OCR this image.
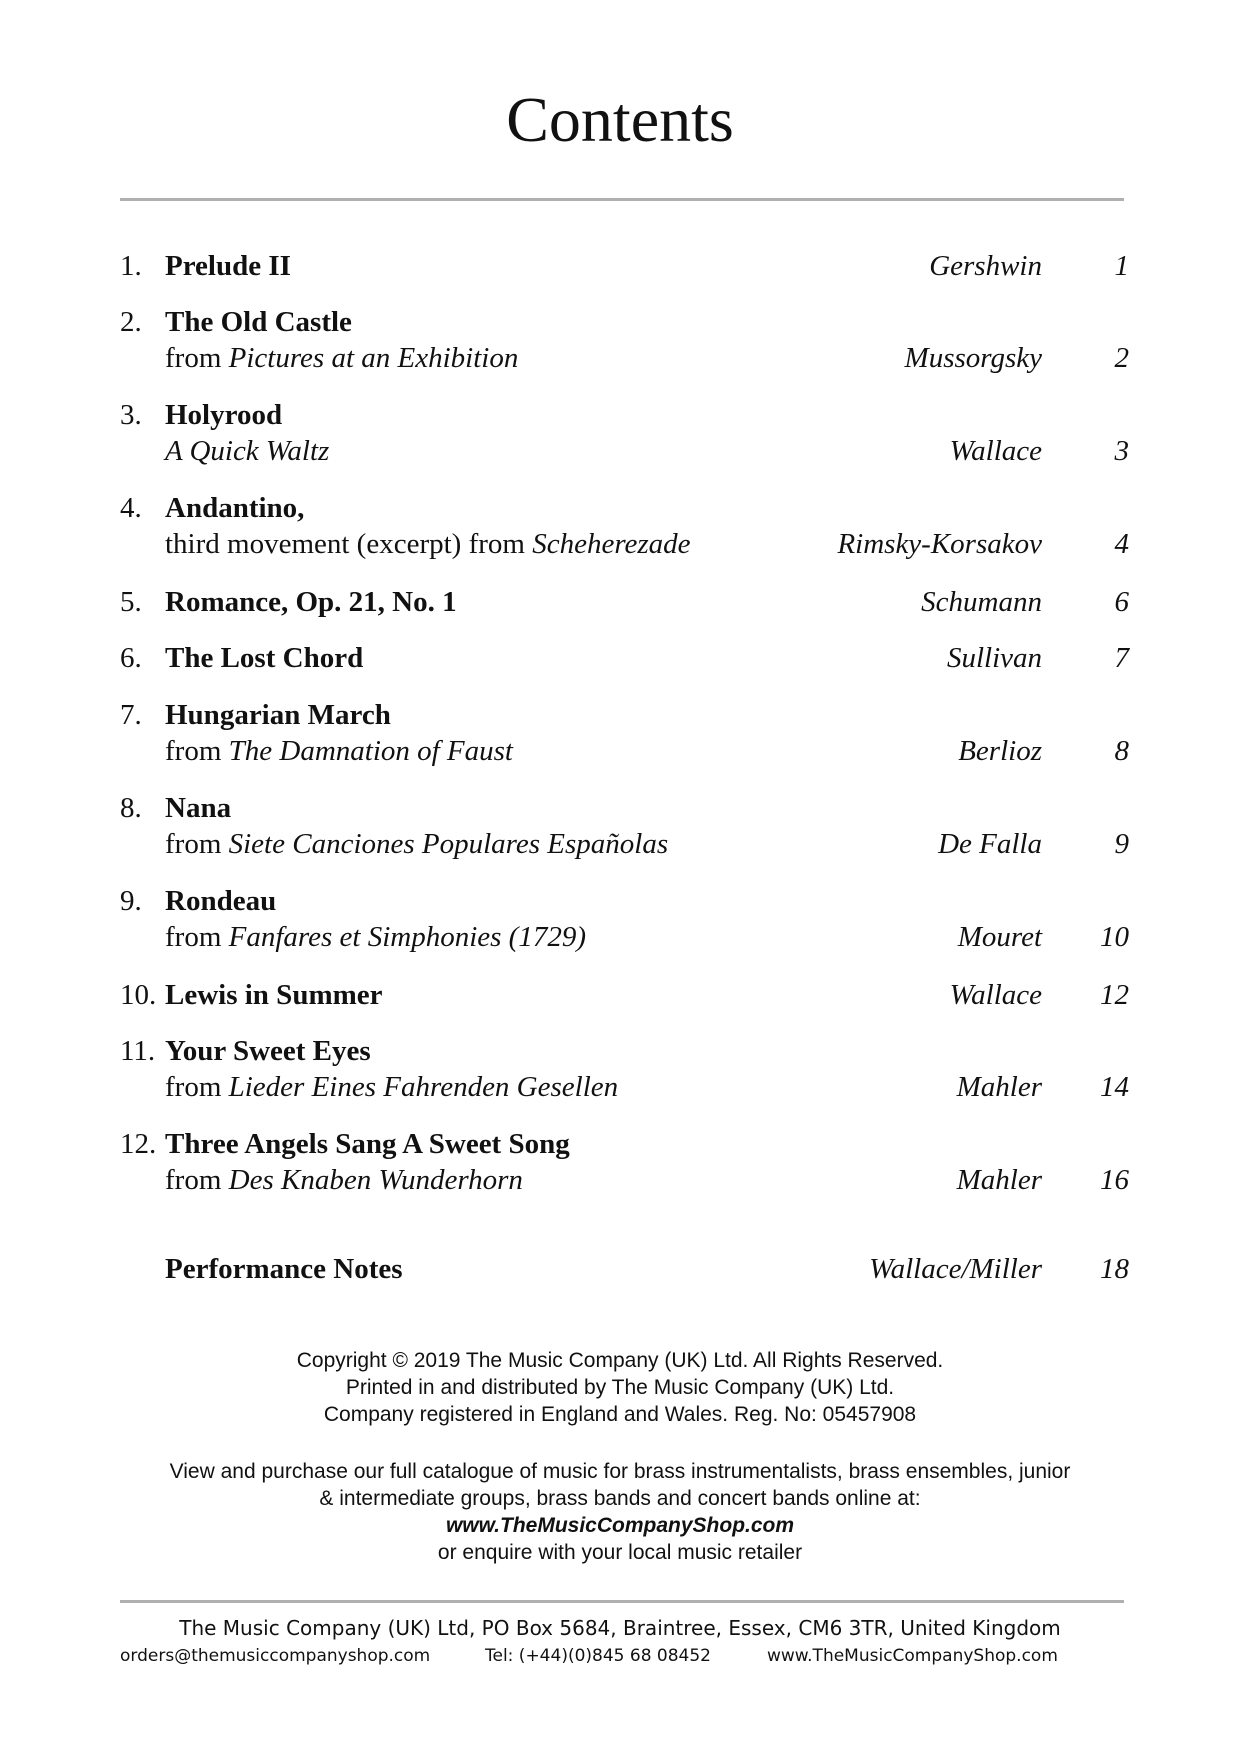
Contents
1. Prelude II	Gershwin	1
2. The Old Castle
from Pictures at an Exhibition	Mussorgsky	2
3. Holyrood
A Quick Waltz	Wallace	3
4. Andantino,
third movement (excerpt) from Scheherezade	Rimsky-Korsakov	4
5. Romance, Op. 21, No. 1	Schumann	6
6. The Lost Chord	Sullivan	7
7. Hungarian March
from The Damnation of Faust	Berlioz	8
8. Nana
from Siete Canciones Populares Españolas	De Falla	9
9. Rondeau
from Fanfares et Simphonies (1729)	Mouret 10
10. Lewis in Summer	Wallace 12
11. Your Sweet Eyes
from Lieder Eines Fahrenden Gesellen	Mahler 14
12. Three Angels Sang A Sweet Song
from Des Knaben Wunderhorn	Mahler 16
Performance Notes	Wallace/Miller 18
Copyright © 2019 The Music Company (UK) Ltd. All Rights Reserved.
Printed in and distributed by The Music Company (UK) Ltd.
Company registered in England and Wales. Reg. No: 05457908
View and purchase our full catalogue of music for brass instrumentalists, brass ensembles, junior
& intermediate groups, brass bands and concert bands online at:
www.TheMusicCompanyShop.com
or enquire with your local music retailer
The Music Company (UK) Ltd, PO Box 5684, Braintree, Essex, CM6 3TR, United Kingdom
orders@themusiccompanyshop.com	Tel: (+44)(0)845 68 08452	www.TheMusicCompanyShop.com
